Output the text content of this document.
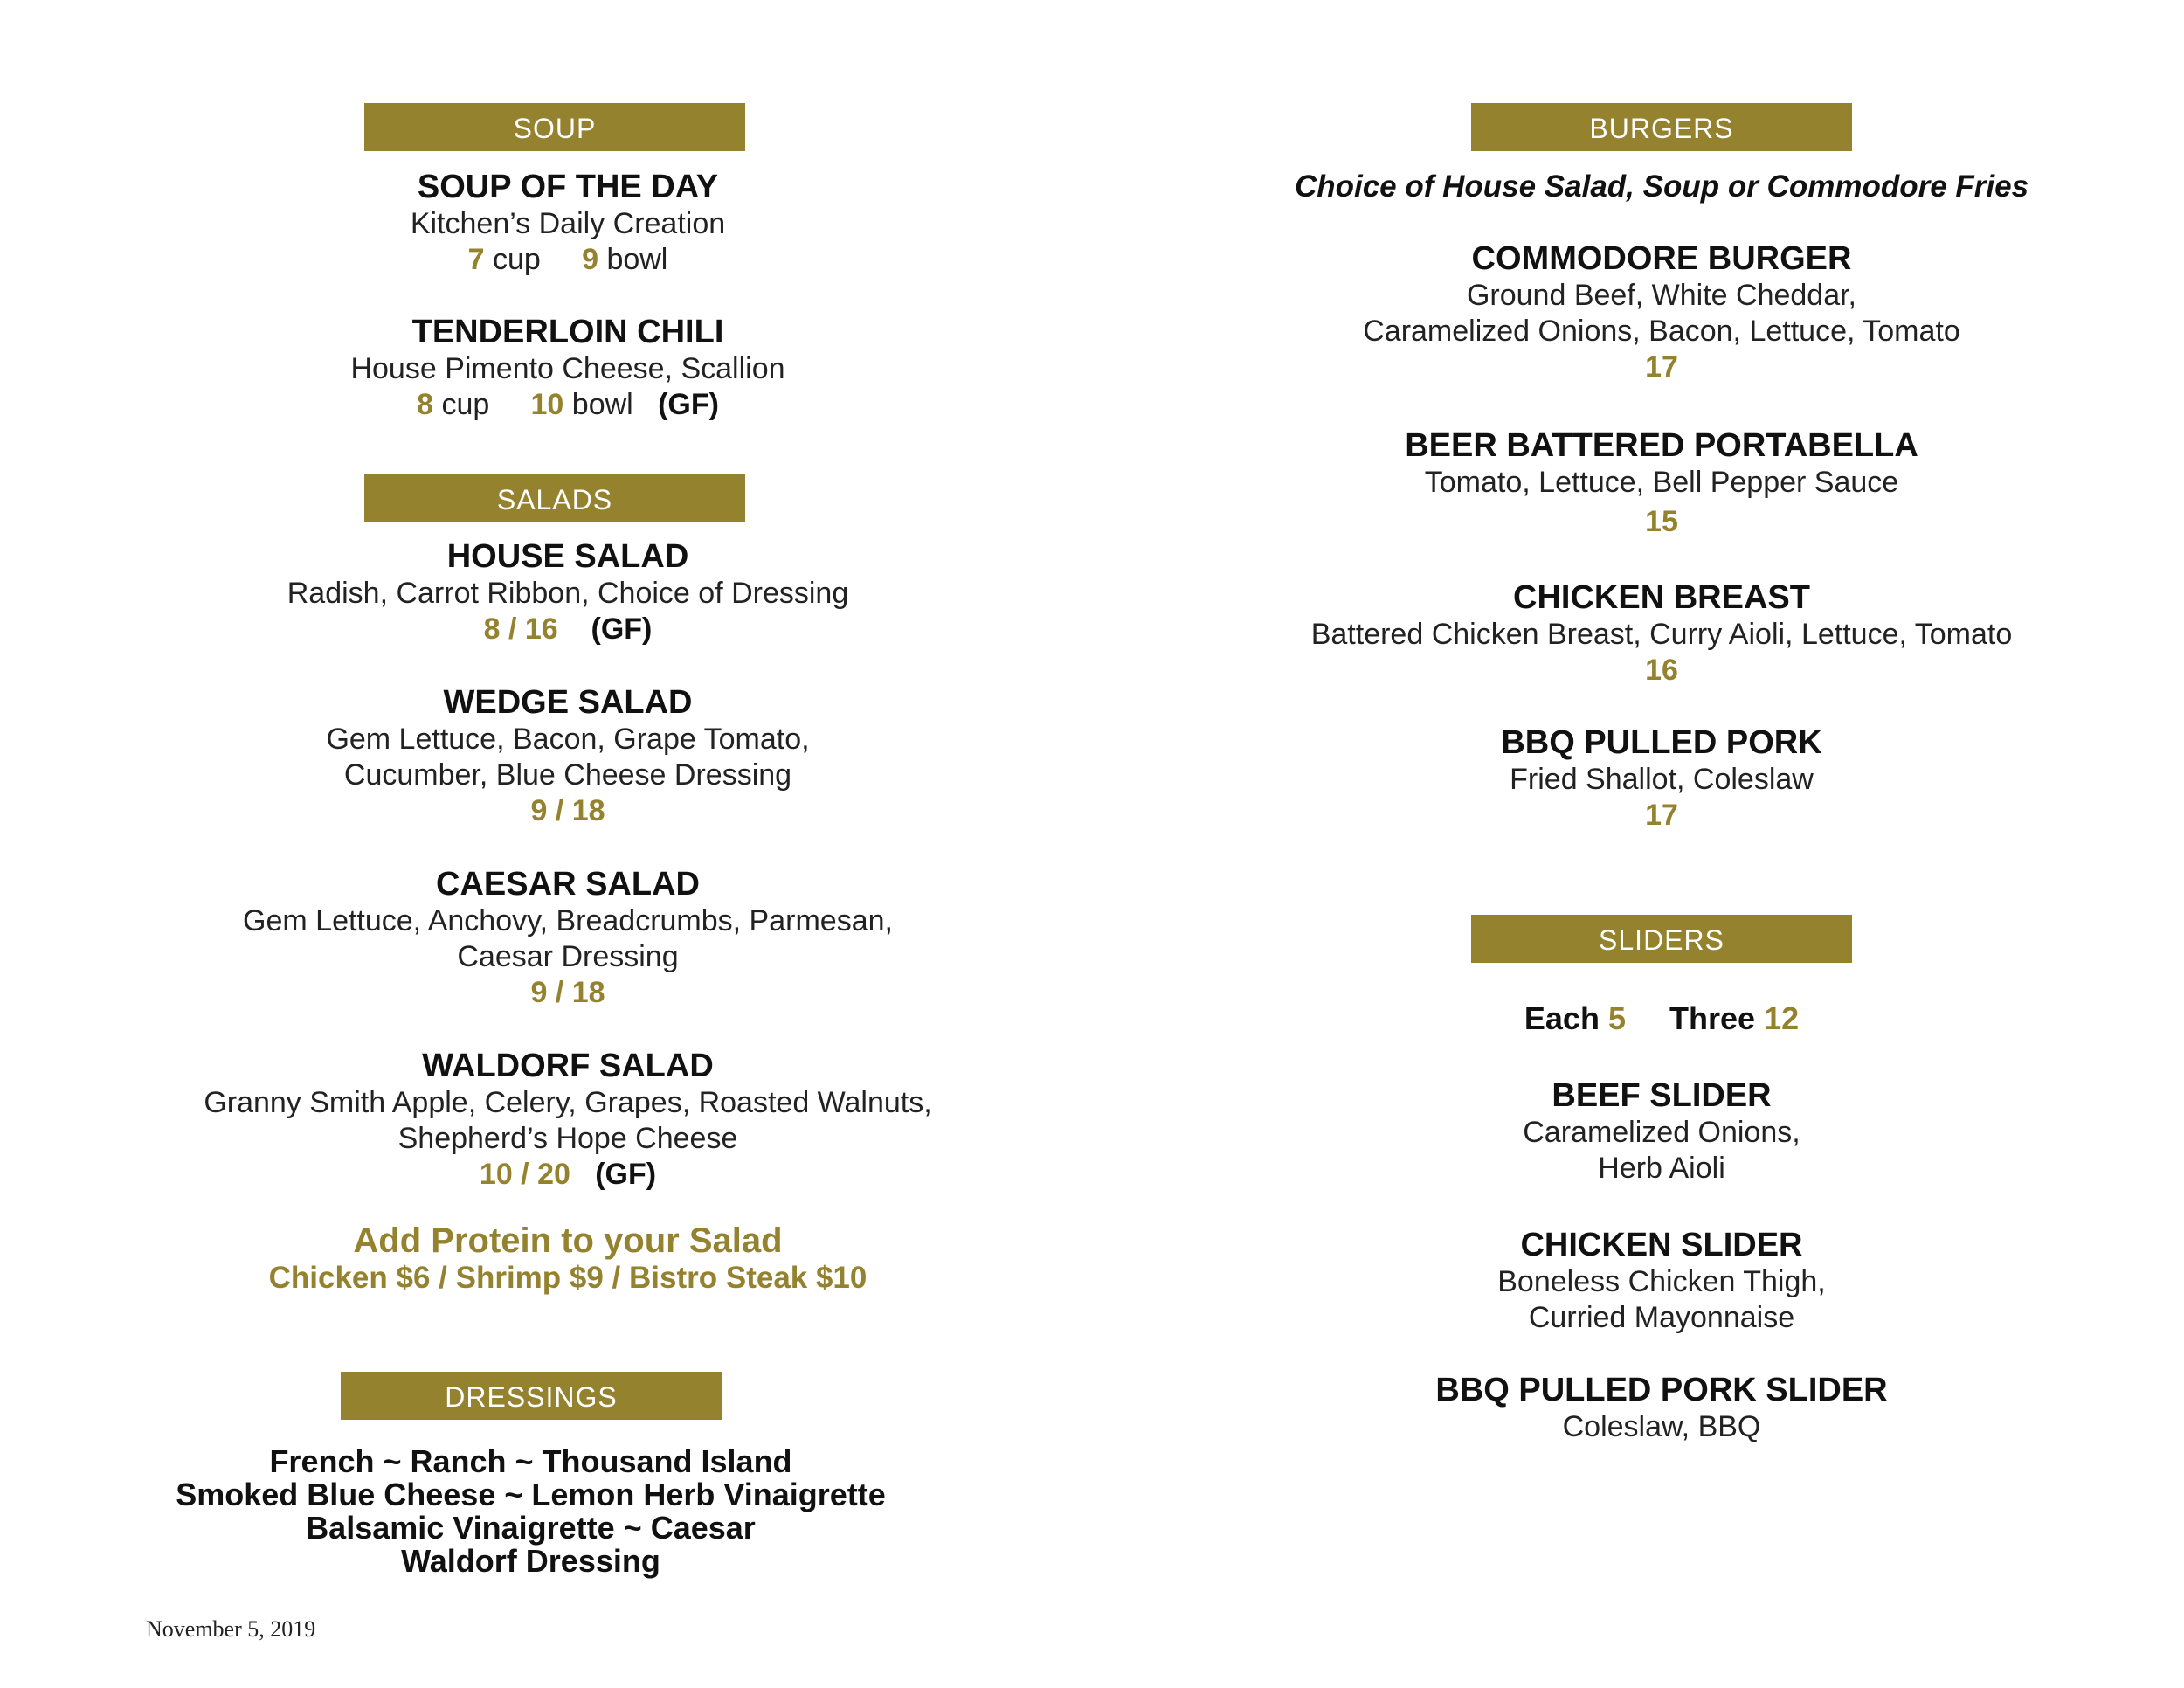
SOUP
SOUP OF THE DAY
Kitchen’s Daily Creation
7 cup 9 bowl
TENDERLOIN CHILI
House Pimento Cheese, Scallion
8 cup 10 bowl (GF)
SALADS
HOUSE SALAD
Radish, Carrot Ribbon, Choice of Dressing
8 / 16 (GF)
WEDGE SALAD
Gem Lettuce, Bacon, Grape Tomato,
Cucumber, Blue Cheese Dressing
9 / 18
CAESAR SALAD
Gem Lettuce, Anchovy, Breadcrumbs, Parmesan,
Caesar Dressing
9 / 18
WALDORF SALAD
Granny Smith Apple, Celery, Grapes, Roasted Walnuts,
Shepherd’s Hope Cheese
10 / 20 (GF)
Add Protein to your Salad
Chicken $6 / Shrimp $9 / Bistro Steak $10
DRESSINGS
French ~ Ranch ~ Thousand Island
Smoked Blue Cheese ~ Lemon Herb Vinaigrette
Balsamic Vinaigrette ~ Caesar
Waldorf Dressing
November 5, 2019
BURGERS
Choice of House Salad, Soup or Commodore Fries
COMMODORE BURGER
Ground Beef, White Cheddar,
Caramelized Onions, Bacon, Lettuce, Tomato
17
BEER BATTERED PORTABELLA
Tomato, Lettuce, Bell Pepper Sauce
15
CHICKEN BREAST
Battered Chicken Breast, Curry Aioli, Lettuce, Tomato
16
BBQ PULLED PORK
Fried Shallot, Coleslaw
17
SLIDERS
Each 5 Three 12
BEEF SLIDER
Caramelized Onions,
Herb Aioli
CHICKEN SLIDER
Boneless Chicken Thigh,
Curried Mayonnaise
BBQ PULLED PORK SLIDER
Coleslaw, BBQ
